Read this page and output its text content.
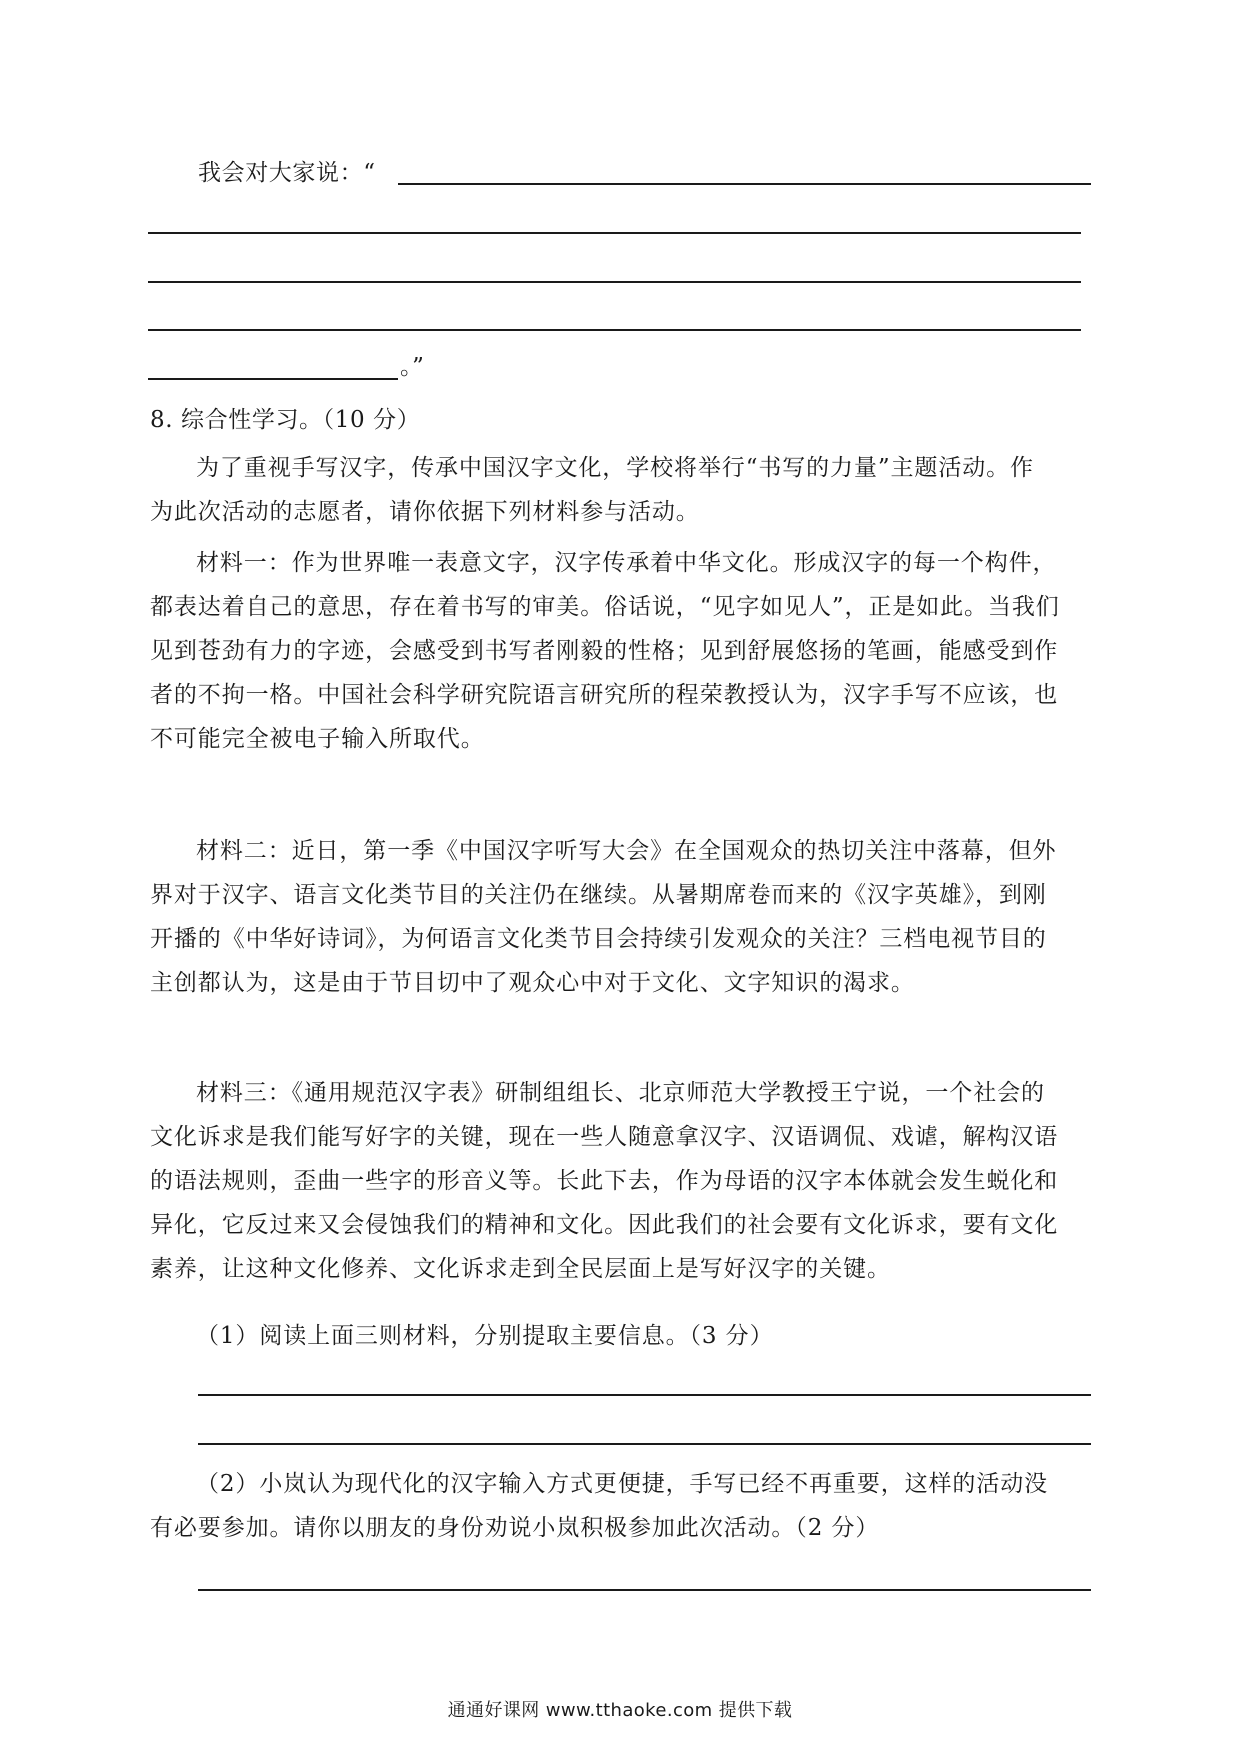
我会对大家说：“
。”
8. 综合性学习。（10 分）
为了重视手写汉字，传承中国汉字文化，学校将举行“书写的力量”主题活动。作
为此次活动的志愿者，请你依据下列材料参与活动。
材料一：作为世界唯一表意文字，汉字传承着中华文化。形成汉字的每一个构件，
都表达着自己的意思，存在着书写的审美。俗话说，“见字如见人”，正是如此。当我们
见到苍劲有力的字迹，会感受到书写者刚毅的性格；见到舒展悠扬的笔画，能感受到作
者的不拘一格。中国社会科学研究院语言研究所的程荣教授认为，汉字手写不应该，也
不可能完全被电子输入所取代。
材料二：近日，第一季《中国汉字听写大会》在全国观众的热切关注中落幕，但外
界对于汉字、语言文化类节目的关注仍在继续。从暑期席卷而来的《汉字英雄》，到刚
开播的《中华好诗词》，为何语言文化类节目会持续引发观众的关注？三档电视节目的
主创都认为，这是由于节目切中了观众心中对于文化、文字知识的渴求。
材料三：《通用规范汉字表》研制组组长、北京师范大学教授王宁说，一个社会的
文化诉求是我们能写好字的关键，现在一些人随意拿汉字、汉语调侃、戏谑，解构汉语
的语法规则，歪曲一些字的形音义等。长此下去，作为母语的汉字本体就会发生蜕化和
异化，它反过来又会侵蚀我们的精神和文化。因此我们的社会要有文化诉求，要有文化
素养，让这种文化修养、文化诉求走到全民层面上是写好汉字的关键。
（1）阅读上面三则材料，分别提取主要信息。（3 分）
（2）小岚认为现代化的汉字输入方式更便捷，手写已经不再重要，这样的活动没
有必要参加。请你以朋友的身份劝说小岚积极参加此次活动。（2 分）
通通好课网 www.tthaoke.com 提供下载
